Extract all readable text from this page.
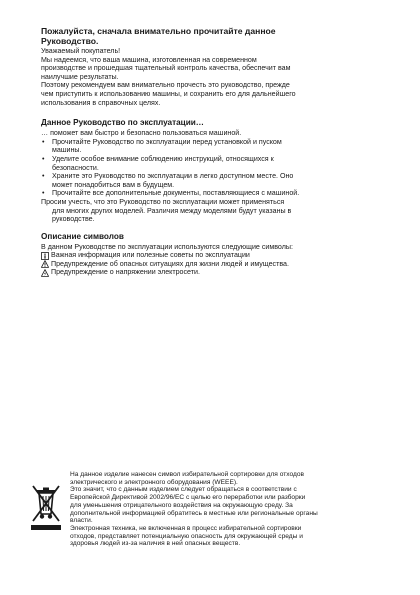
Пожалуйста, сначала внимательно прочитайте данное
Руководство.

Уважаемый покупатель!

Мы надеемся, что ваша машина, изготовленная на современном

производстве и прошедшая тщательный контроль качества, обеспечит вам

наилучшие результаты.

Поэтому рекомендуем вам внимательно прочесть это руководство, прежде

чем приступить к использованию машины, и сохранить его для дальнейшего

использования в справочных целях.

Данное Руководство по эксплуатации…

… поможет вам быстро и безопасно пользоваться машиной.

• Прочитайте Руководство по эксплуатации перед установкой и пуском
машины.
• Уделите особое внимание соблюдению инструкций, относящихся к
безопасности.
• Храните это Руководство по эксплуатации в легко доступном месте. Оно
может понадобиться вам в будущем.
• Прочитайте все дополнительные документы, поставляющиеся с машиной.

Просим учесть, что это Руководство по эксплуатации может применяться

для многих других моделей. Различия между моделями будут указаны в

руководстве.

Описание символов

В данном Руководстве по эксплуатации используются следующие символы:

Важная информация или полезные советы по эксплуатации
Предупреждение об опасных ситуациях для жизни людей и имущества.
Предупреждение о напряжении электросети.

На данное изделие нанесен символ избирательной сортировки для отходов

электрического и электронного оборудования (WEEE).

Это значит, что с данным изделием следует обращаться в соответствии с

Европейской Директивой 2002/96/EC с целью его переработки или разборки

для уменьшения отрицательного воздействия на окружающую среду. За

дополнительной информацией обратитесь в местные или региональные органы

власти.

Электронная техника, не включенная в процесс избирательной сортировки

отходов, представляет потенциальную опасность для окружающей среды и

здоровья людей из-за наличия в ней опасных веществ.
